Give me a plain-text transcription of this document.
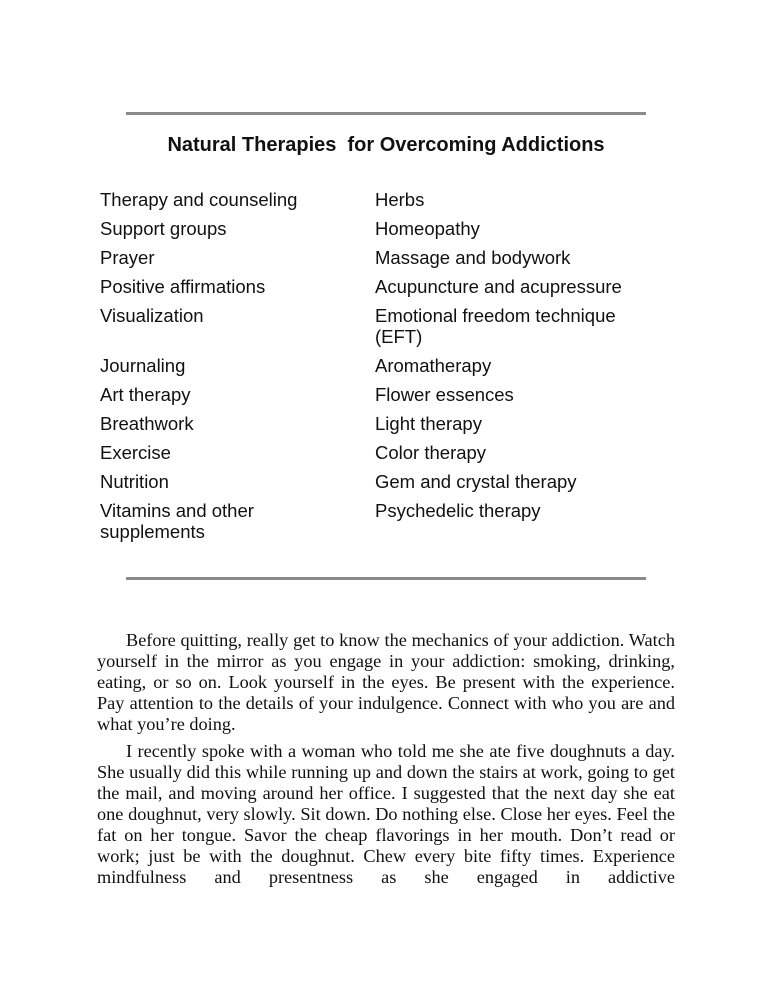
Natural Therapies  for Overcoming Addictions
Therapy and counseling
Support groups
Prayer
Positive affirmations
Visualization
Journaling
Art therapy
Breathwork
Exercise
Nutrition
Vitamins and other supplements
Herbs
Homeopathy
Massage and bodywork
Acupuncture and acupressure
Emotional freedom technique (EFT)
Aromatherapy
Flower essences
Light therapy
Color therapy
Gem and crystal therapy
Psychedelic therapy

Before quitting, really get to know the mechanics of your addiction. Watch yourself in the mirror as you engage in your addiction: smoking, drinking, eating, or so on. Look yourself in the eyes. Be present with the experience. Pay attention to the details of your indulgence. Connect with who you are and what you’re doing.

I recently spoke with a woman who told me she ate five doughnuts a day. She usually did this while running up and down the stairs at work, going to get the mail, and moving around her office. I suggested that the next day she eat one doughnut, very slowly. Sit down. Do nothing else. Close her eyes. Feel the fat on her tongue. Savor the cheap flavorings in her mouth. Don’t read or work; just be with the doughnut. Chew every bite fifty times. Experience mindfulness and presentness as she engaged in addictive
